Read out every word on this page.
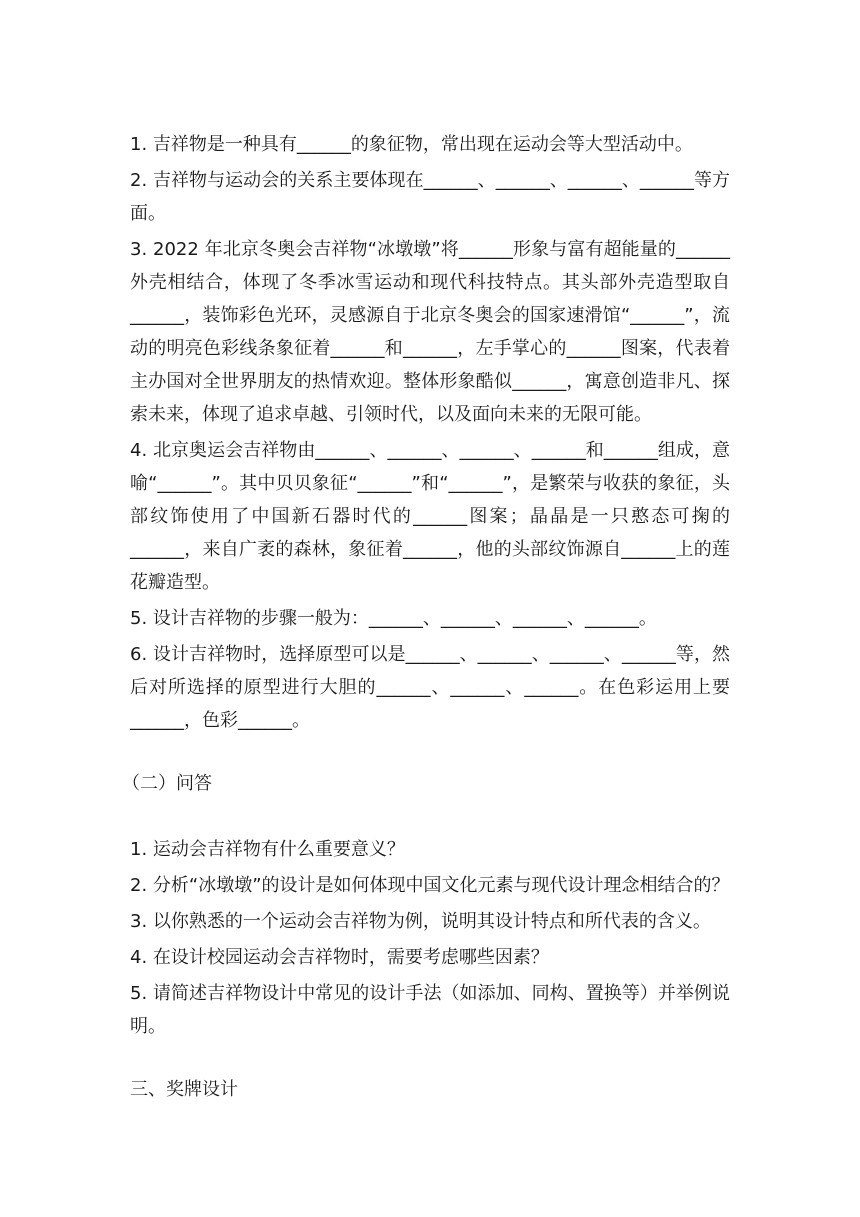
1. 吉祥物是一种具有______的象征物，常出现在运动会等大型活动中。

2. 吉祥物与运动会的关系主要体现在______、______、______、______等方面。

3. 2022 年北京冬奥会吉祥物“冰墩墩”将______形象与富有超能量的______外壳相结合，体现了冬季冰雪运动和现代科技特点。其头部外壳造型取自______，装饰彩色光环，灵感源自于北京冬奥会的国家速滑馆“______”，流动的明亮色彩线条象征着______和______，左手掌心的______图案，代表着主办国对全世界朋友的热情欢迎。整体形象酷似______，寓意创造非凡、探索未来，体现了追求卓越、引领时代，以及面向未来的无限可能。

4. 北京奥运会吉祥物由______、______、______、______和______组成，意喻“______”。其中贝贝象征“______”和“______”，是繁荣与收获的象征，头部纹饰使用了中国新石器时代的______图案；晶晶是一只憨态可掬的______，来自广袤的森林，象征着______，他的头部纹饰源自______上的莲花瓣造型。

5. 设计吉祥物的步骤一般为：______、______、______、______。

6. 设计吉祥物时，选择原型可以是______、______、______、______等，然后对所选择的原型进行大胆的______、______、______。在色彩运用上要______，色彩______。

（二）问答

1. 运动会吉祥物有什么重要意义？

2. 分析“冰墩墩”的设计是如何体现中国文化元素与现代设计理念相结合的？

3. 以你熟悉的一个运动会吉祥物为例，说明其设计特点和所代表的含义。

4. 在设计校园运动会吉祥物时，需要考虑哪些因素？

5. 请简述吉祥物设计中常见的设计手法（如添加、同构、置换等）并举例说明。

三、奖牌设计
